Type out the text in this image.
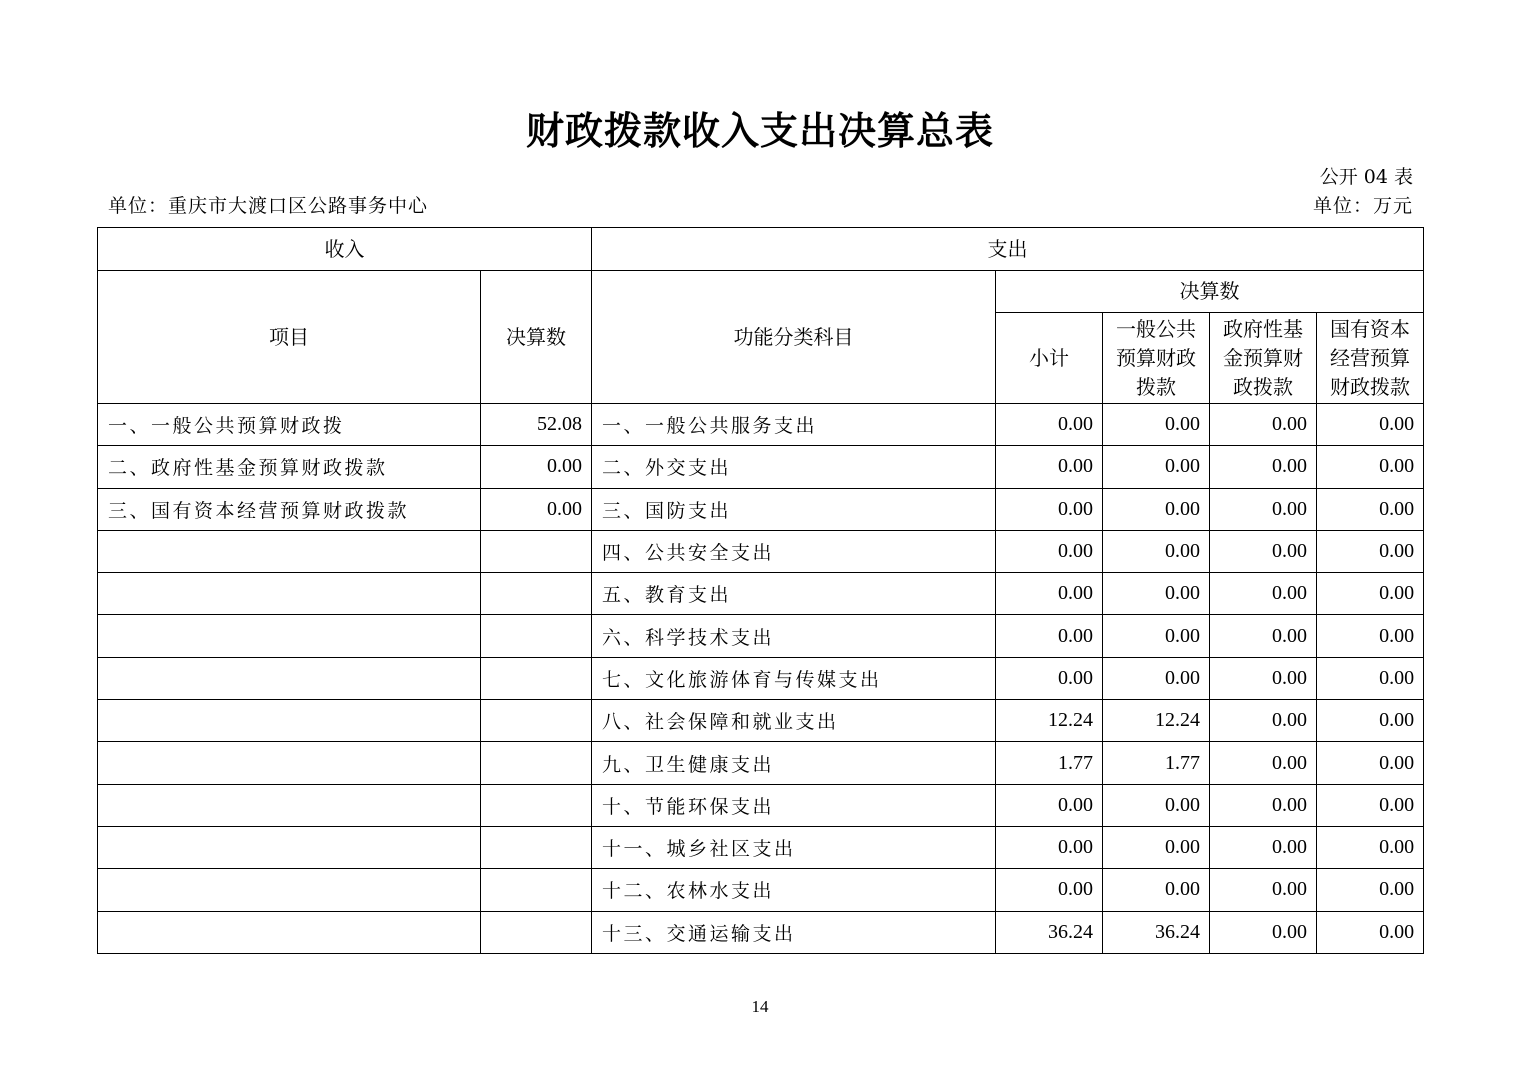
财政拨款收入支出决算总表
公开 04 表
单位：重庆市大渡口区公路事务中心	单位：万元
收入		支出				
项目	决算数	功能分类科目	决算数			
			小计	一般公共预算财政拨款	政府性基金预算财政拨款	国有资本经营预算财政拨款
一、一般公共预算财政拨	52.08	一、一般公共服务支出	0.00	0.00	0.00	0.00
二、政府性基金预算财政拨款	0.00	二、外交支出	0.00	0.00	0.00	0.00
三、国有资本经营预算财政拨款	0.00	三、国防支出	0.00	0.00	0.00	0.00
		四、公共安全支出	0.00	0.00	0.00	0.00
		五、教育支出	0.00	0.00	0.00	0.00
		六、科学技术支出	0.00	0.00	0.00	0.00
		七、文化旅游体育与传媒支出	0.00	0.00	0.00	0.00
		八、社会保障和就业支出	12.24	12.24	0.00	0.00
		九、卫生健康支出	1.77	1.77	0.00	0.00
		十、节能环保支出	0.00	0.00	0.00	0.00
		十一、城乡社区支出	0.00	0.00	0.00	0.00
		十二、农林水支出	0.00	0.00	0.00	0.00
		十三、交通运输支出	36.24	36.24	0.00	0.00
14
